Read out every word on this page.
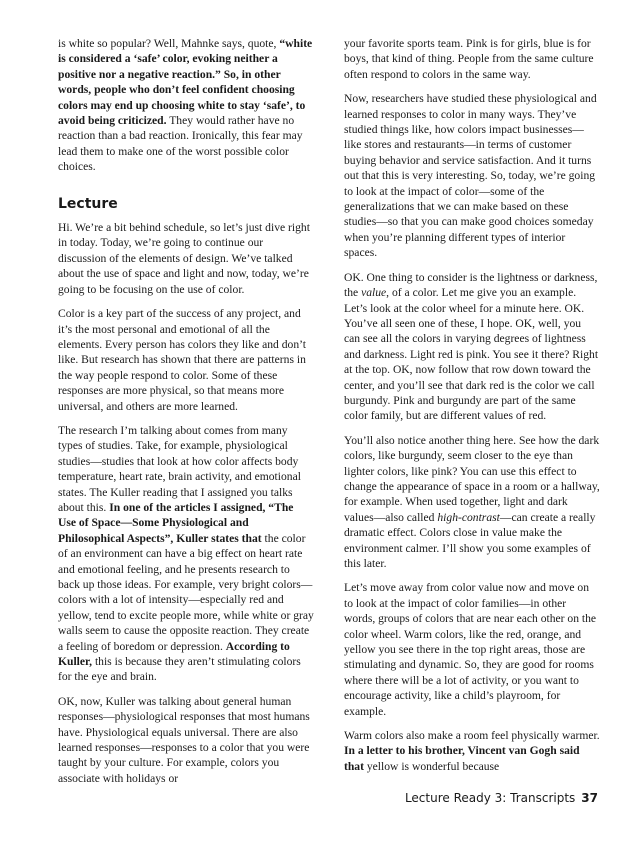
is white so popular? Well, Mahnke says, quote, “white is considered a ‘safe’ color, evoking neither a positive nor a negative reaction.” So, in other words, people who don’t feel confident choosing colors may end up choosing white to stay ‘safe’, to avoid being criticized. They would rather have no reaction than a bad reaction. Ironically, this fear may lead them to make one of the worst possible color choices.

Lecture

Hi. We’re a bit behind schedule, so let’s just dive right in today. Today, we’re going to continue our discussion of the elements of design. We’ve talked about the use of space and light and now, today, we’re going to be focusing on the use of color.

Color is a key part of the success of any project, and it’s the most personal and emotional of all the elements. Every person has colors they like and don’t like. But research has shown that there are patterns in the way people respond to color. Some of these responses are more physical, so that means more universal, and others are more learned.

The research I’m talking about comes from many types of studies. Take, for example, physiological studies—studies that look at how color affects body temperature, heart rate, brain activity, and emotional states. The Kuller reading that I assigned you talks about this. In one of the articles I assigned, “The Use of Space—Some Physiological and Philosophical Aspects”, Kuller states that the color of an environment can have a big effect on heart rate and emotional feeling, and he presents research to back up those ideas. For example, very bright colors—colors with a lot of intensity—especially red and yellow, tend to excite people more, while white or gray walls seem to cause the opposite reaction. They create a feeling of boredom or depression. According to Kuller, this is because they aren’t stimulating colors for the eye and brain.

OK, now, Kuller was talking about general human responses—physiological responses that most humans have. Physiological equals universal. There are also learned responses—responses to a color that you were taught by your culture. For example, colors you associate with holidays or

your favorite sports team. Pink is for girls, blue is for boys, that kind of thing. People from the same culture often respond to colors in the same way.

Now, researchers have studied these physiological and learned responses to color in many ways. They’ve studied things like, how colors impact businesses—like stores and restaurants—in terms of customer buying behavior and service satisfaction. And it turns out that this is very interesting. So, today, we’re going to look at the impact of color—some of the generalizations that we can make based on these studies—so that you can make good choices someday when you’re planning different types of interior spaces.

OK. One thing to consider is the lightness or darkness, the value, of a color. Let me give you an example. Let’s look at the color wheel for a minute here. OK. You’ve all seen one of these, I hope. OK, well, you can see all the colors in varying degrees of lightness and darkness. Light red is pink. You see it there? Right at the top. OK, now follow that row down toward the center, and you’ll see that dark red is the color we call burgundy. Pink and burgundy are part of the same color family, but are different values of red.

You’ll also notice another thing here. See how the dark colors, like burgundy, seem closer to the eye than lighter colors, like pink? You can use this effect to change the appearance of space in a room or a hallway, for example. When used together, light and dark values—also called high-contrast—can create a really dramatic effect. Colors close in value make the environment calmer. I’ll show you some examples of this later.

Let’s move away from color value now and move on to look at the impact of color families—in other words, groups of colors that are near each other on the color wheel. Warm colors, like the red, orange, and yellow you see there in the top right areas, those are stimulating and dynamic. So, they are good for rooms where there will be a lot of activity, or you want to encourage activity, like a child’s playroom, for example.

Warm colors also make a room feel physically warmer. In a letter to his brother, Vincent van Gogh said that yellow is wonderful because

Lecture Ready 3: Transcripts 37
